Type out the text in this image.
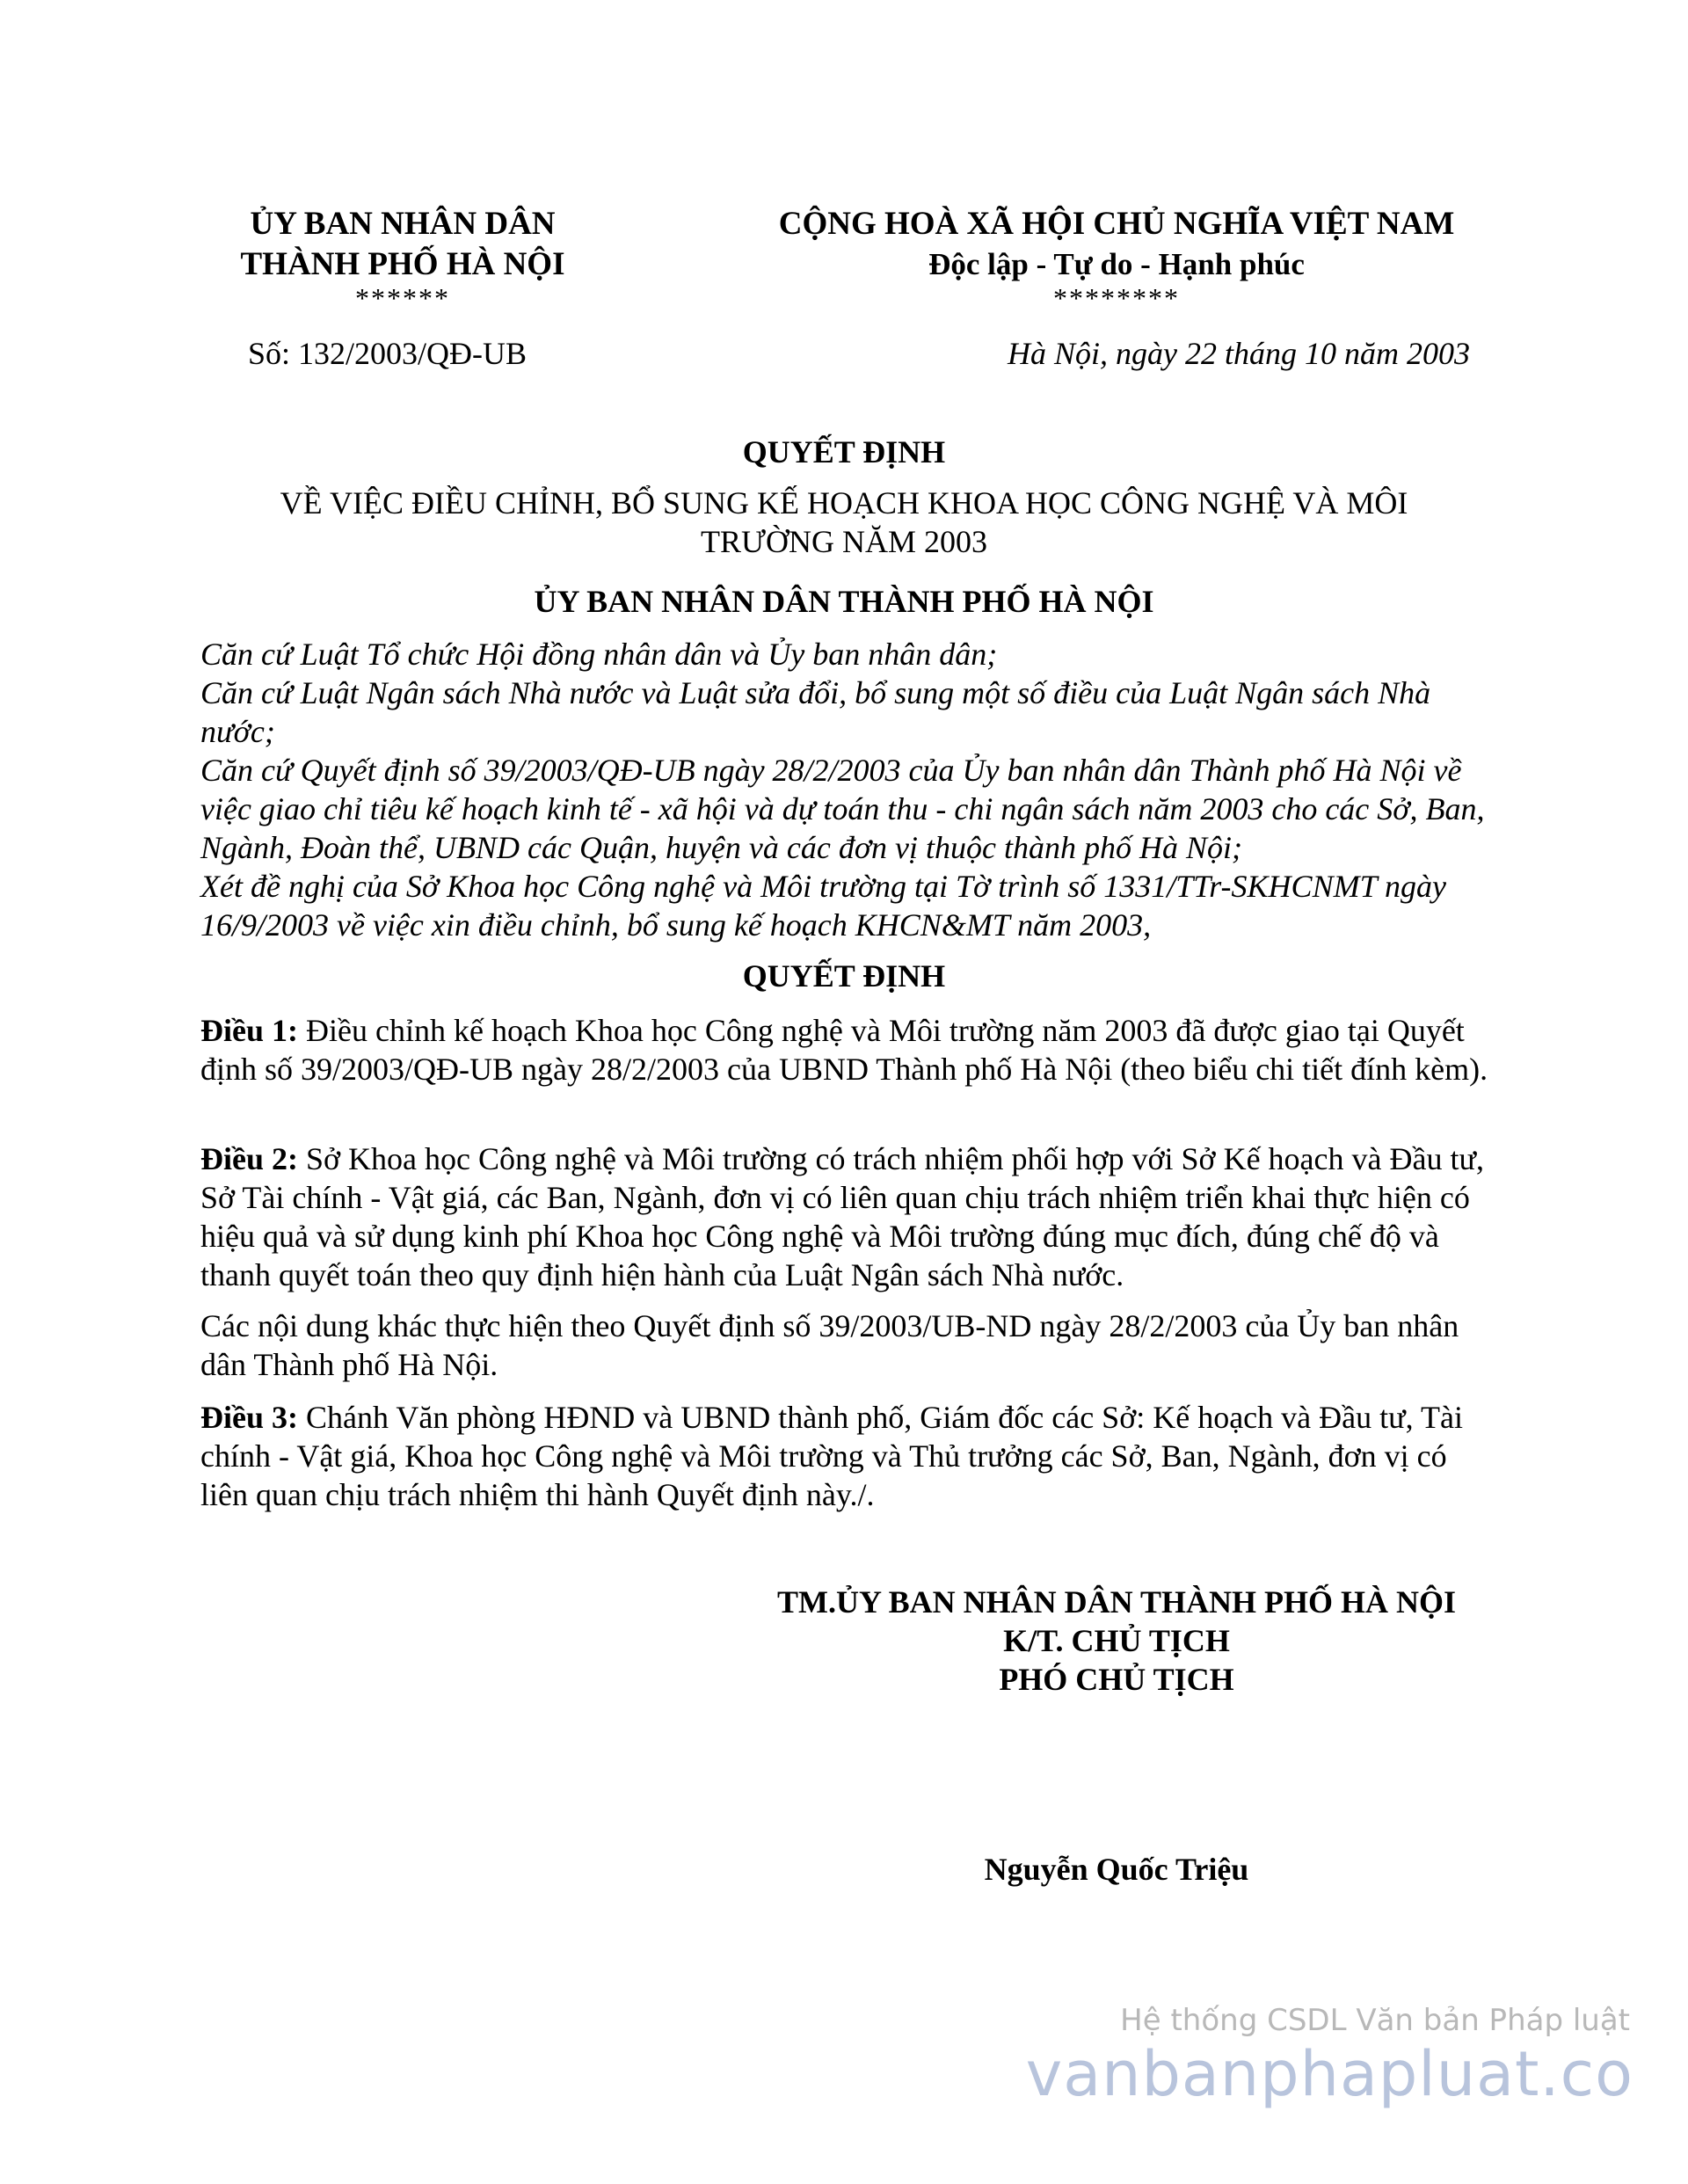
ỦY BAN NHÂN DÂN
THÀNH PHỐ HÀ NỘI
******
CỘNG HOÀ XÃ HỘI CHỦ NGHĨA VIỆT NAM
Độc lập - Tự do - Hạnh phúc
********
Số: 132/2003/QĐ-UB	Hà Nội, ngày 22 tháng 10 năm 2003
QUYẾT ĐỊNH
VỀ VIỆC ĐIỀU CHỈNH, BỔ SUNG KẾ HOẠCH KHOA HỌC CÔNG NGHỆ VÀ MÔI
TRƯỜNG NĂM 2003
ỦY BAN NHÂN DÂN THÀNH PHỐ HÀ NỘI

Căn cứ Luật Tổ chức Hội đồng nhân dân và Ủy ban nhân dân;

Căn cứ Luật Ngân sách Nhà nước và Luật sửa đổi, bổ sung một số điều của Luật Ngân sách Nhà nước;

Căn cứ Quyết định số 39/2003/QĐ-UB ngày 28/2/2003 của Ủy ban nhân dân Thành phố Hà Nội về việc giao chỉ tiêu kế hoạch kinh tế - xã hội và dự toán thu - chi ngân sách năm 2003 cho các Sở, Ban, Ngành, Đoàn thể, UBND các Quận, huyện và các đơn vị thuộc thành phố Hà Nội;

Xét đề nghị của Sở Khoa học Công nghệ và Môi trường tại Tờ trình số 1331/TTr-SKHCNMT ngày 16/9/2003 về việc xin điều chỉnh, bổ sung kế hoạch KHCN&MT năm 2003,

QUYẾT ĐỊNH

Điều 1: Điều chỉnh kế hoạch Khoa học Công nghệ và Môi trường năm 2003 đã được giao tại Quyết định số 39/2003/QĐ-UB ngày 28/2/2003 của UBND Thành phố Hà Nội (theo biểu chi tiết đính kèm).

Điều 2: Sở Khoa học Công nghệ và Môi trường có trách nhiệm phối hợp với Sở Kế hoạch và Đầu tư, Sở Tài chính - Vật giá, các Ban, Ngành, đơn vị có liên quan chịu trách nhiệm triển khai thực hiện có hiệu quả và sử dụng kinh phí Khoa học Công nghệ và Môi trường đúng mục đích, đúng chế độ và thanh quyết toán theo quy định hiện hành của Luật Ngân sách Nhà nước.

Các nội dung khác thực hiện theo Quyết định số 39/2003/UB-ND ngày 28/2/2003 của Ủy ban nhân dân Thành phố Hà Nội.

Điều 3: Chánh Văn phòng HĐND và UBND thành phố, Giám đốc các Sở: Kế hoạch và Đầu tư, Tài chính - Vật giá, Khoa học Công nghệ và Môi trường và Thủ trưởng các Sở, Ban, Ngành, đơn vị có liên quan chịu trách nhiệm thi hành Quyết định này./.

TM.ỦY BAN NHÂN DÂN THÀNH PHỐ HÀ NỘI
K/T. CHỦ TỊCH
PHÓ CHỦ TỊCH
Nguyễn Quốc Triệu
Hệ thống CSDL Văn bản Pháp luật
vanbanphapluat.co
